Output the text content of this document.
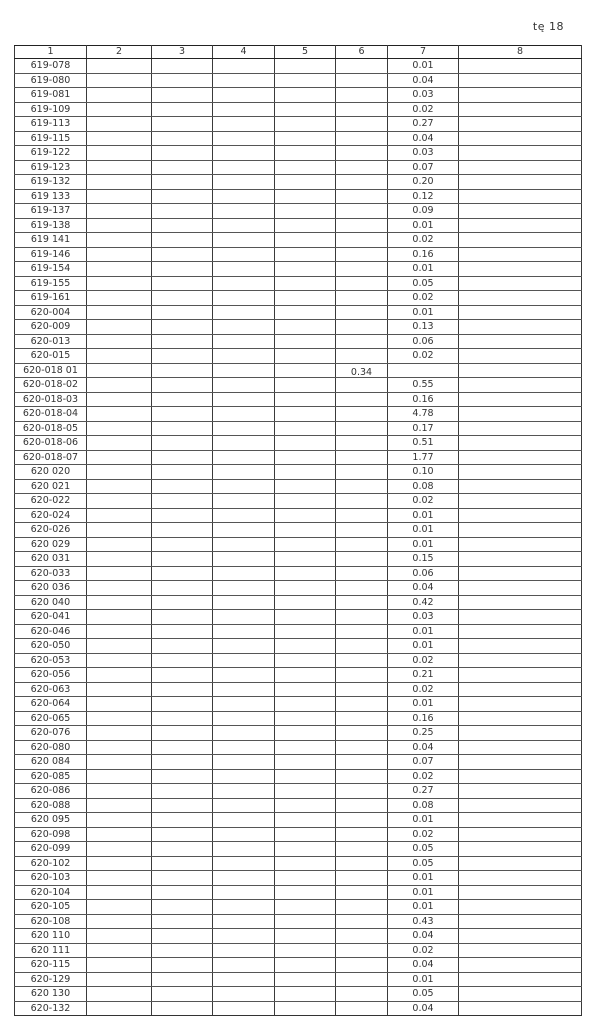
tę 18
1	2	3	4	5	6	7	8
619-078						0.01	
619-080						0.04	
619-081						0.03	
619-109						0.02	
619-113						0.27	
619-115						0.04	
619-122						0.03	
619-123						0.07	
619-132						0.20	
619 133						0.12	
619-137						0.09	
619-138						0.01	
619 141						0.02	
619-146						0.16	
619-154						0.01	
619-155						0.05	
619-161						0.02	
620-004						0.01	
620-009						0.13	
620-013						0.06	
620-015						0.02	
620-018 01					0.34		
620-018-02						0.55	
620-018-03						0.16	
620-018-04						4.78	
620-018-05						0.17	
620-018-06						0.51	
620-018-07						1.77	
620 020						0.10	
620 021						0.08	
620-022						0.02	
620-024						0.01	
620-026						0.01	
620 029						0.01	
620 031						0.15	
620-033						0.06	
620 036						0.04	
620 040						0.42	
620-041						0.03	
620-046						0.01	
620-050						0.01	
620-053						0.02	
620-056						0.21	
620-063						0.02	
620-064						0.01	
620-065						0.16	
620-076						0.25	
620-080						0.04	
620 084						0.07	
620-085						0.02	
620-086						0.27	
620-088						0.08	
620 095						0.01	
620-098						0.02	
620-099						0.05	
620-102						0.05	
620-103						0.01	
620-104						0.01	
620-105						0.01	
620-108						0.43	
620 110						0.04	
620 111						0.02	
620-115						0.04	
620-129						0.01	
620 130						0.05	
620-132						0.04	
